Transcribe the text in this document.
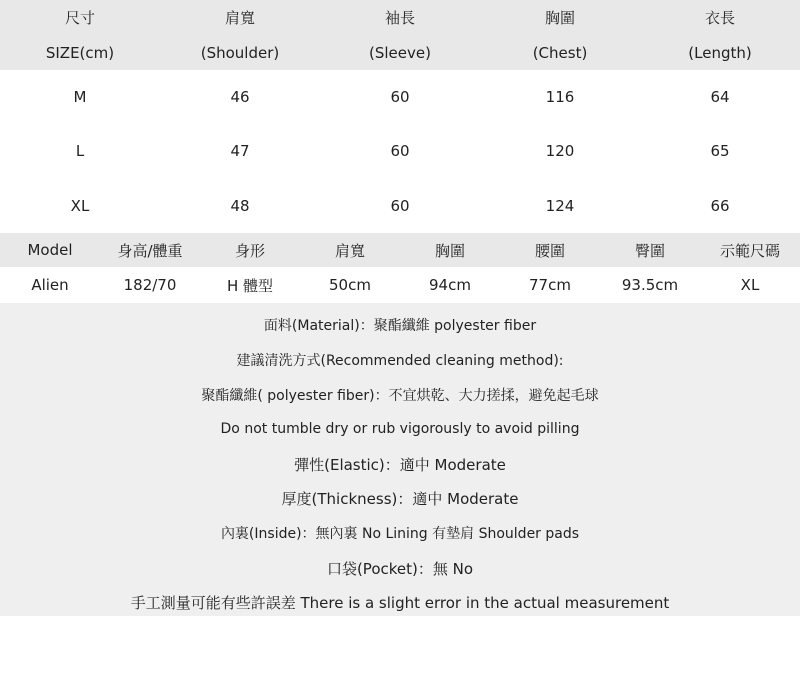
尺寸	肩寬	袖長	胸圍	衣長
SIZE(cm)	(Shoulder)	(Sleeve)	(Chest)	(Length)
M	46	60	116	64
L	47	60	120	65
XL	48	60	124	66
Model	身高/體重	身形	肩寬	胸圍	腰圍	臀圍	示範尺碼
Alien	182/70	H 體型	50cm	94cm	77cm	93.5cm	XL
面料(Material)：聚酯纖維 polyester fiber
建議清洗方式(Recommended cleaning method):
聚酯纖維( polyester fiber)：不宜烘乾、大力搓揉，避免起毛球
Do not tumble dry or rub vigorously to avoid pilling
彈性(Elastic)：適中 Moderate
厚度(Thickness)：適中 Moderate
內裏(Inside)：無內裏 No Lining 有墊肩 Shoulder pads
口袋(Pocket)：無 No
手工測量可能有些許誤差 There is a slight error in the actual measurement
